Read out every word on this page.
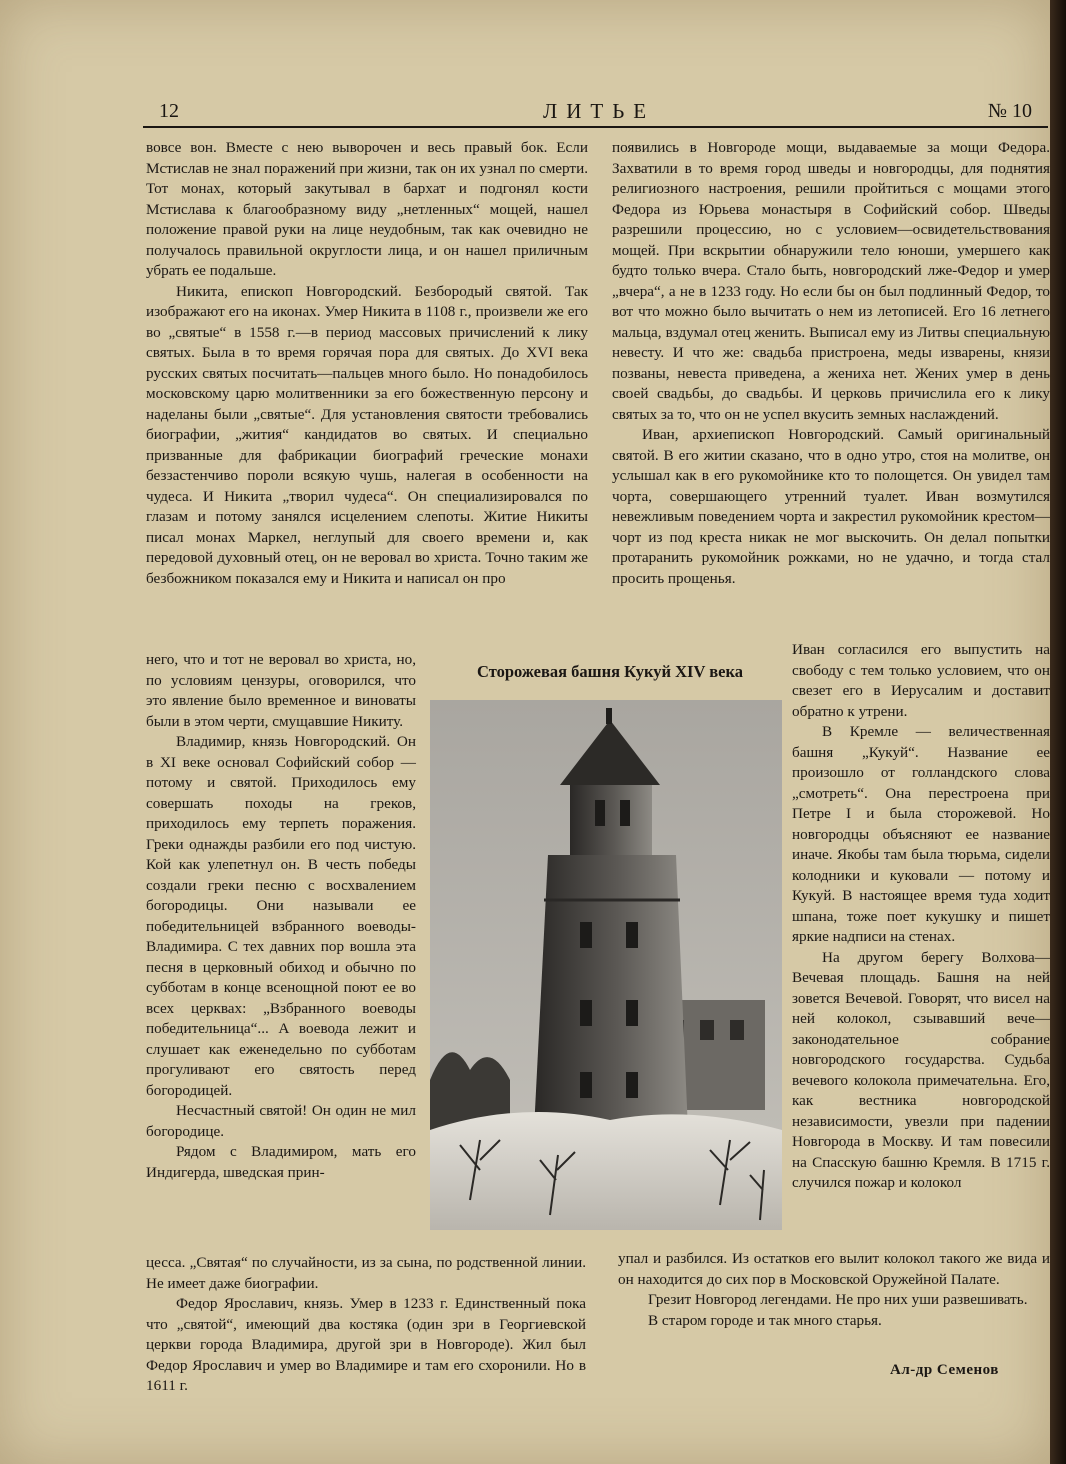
12	ЛИТЬЕ	№ 10

вовсе вон. Вместе с нею выворочен и весь правый бок. Если Мстислав не знал поражений при жизни, так он их узнал по смерти. Тот монах, который закутывал в бархат и подгонял кости Мстислава к благообразному виду „нетленных“ мощей, нашел положение правой руки на лице неудобным, так как очевидно не получалось правильной округлости лица, и он нашел приличным убрать ее подальше.

Никита, епископ Новгородский. Безбородый святой. Так изображают его на иконах. Умер Никита в 1108 г., произвели же его во „святые“ в 1558 г.—в период массовых причислений к лику святых. Была в то время горячая пора для святых. До XVI века русских святых посчитать—пальцев много было. Но понадобилось московскому царю молитвенники за его божественную персону и наделаны были „святые“. Для установления святости требовались биографии, „жития“ кандидатов во святых. И специально призванные для фабрикации биографий греческие монахи беззастенчиво пороли всякую чушь, налегая в особенности на чудеса. И Никита „творил чудеса“. Он специализировался по глазам и потому занялся исцелением слепоты. Житие Никиты писал монах Маркел, неглупый для своего времени и, как передовой духовный отец, он не веровал во христа. Точно таким же безбожником показался ему и Никита и написал он про

него, что и тот не веровал во христа, но, по условиям цензуры, оговорился, что это явление было временное и виноваты были в этом черти, смущавшие Никиту.

Владимир, князь Новгородский. Он в XI веке основал Софийский собор — потому и святой. Приходилось ему совершать походы на греков, приходилось ему терпеть поражения. Греки однажды разбили его под чистую. Кой как улепетнул он. В честь победы создали греки песню с восхвалением богородицы. Они называли ее победительницей взбранного воеводы-Владимира. С тех давних пор вошла эта песня в церковный обиход и обычно по субботам в конце всенощной поют ее во всех церквах: „Взбранного воеводы победительница“... А воевода лежит и слушает как еженедельно по субботам прогуливают его святость перед богородицей.

Несчастный святой! Он один не мил богородице.

Рядом с Владимиром, мать его Индигерда, шведская прин-

цесса. „Святая“ по случайности, из за сына, по родственной линии. Не имеет даже биографии.

Федор Ярославич, князь. Умер в 1233 г. Единственный пока что „святой“, имеющий два костяка (один зри в Георгиевской церкви города Владимира, другой зри в Новгороде). Жил был Федор Ярославич и умер во Владимире и там его схоронили. Но в 1611 г.

появились в Новгороде мощи, выдаваемые за мощи Федора. Захватили в то время город шведы и новгородцы, для поднятия религиозного настроения, решили пройтиться с мощами этого Федора из Юрьева монастыря в Софийский собор. Шведы разрешили процессию, но с условием—освидетельствования мощей. При вскрытии обнаружили тело юноши, умершего как будто только вчера. Стало быть, новгородский лже-Федор и умер „вчера“, а не в 1233 году. Но если бы он был подлинный Федор, то вот что можно было вычитать о нем из летописей. Его 16 летнего мальца, вздумал отец женить. Выписал ему из Литвы специальную невесту. И что же: свадьба пристроена, меды изварены, князи позваны, невеста приведена, а жениха нет. Жених умер в день своей свадьбы, до свадьбы. И церковь причислила его к лику святых за то, что он не успел вкусить земных наслаждений.

Иван, архиепископ Новгородский. Самый оригинальный святой. В его житии сказано, что в одно утро, стоя на молитве, он услышал как в его рукомойнике кто то полощется. Он увидел там чорта, совершающего утренний туалет. Иван возмутился невежливым поведением чорта и закрестил рукомойник крестом—чорт из под креста никак не мог выскочить. Он делал попытки протаранить рукомойник рожками, но не удачно, и тогда стал просить прощенья.

Иван согласился его выпустить на свободу с тем только условием, что он свезет его в Иерусалим и доставит обратно к утрени.

В Кремле — величественная башня „Кукуй“. Название ее произошло от голландского слова „смотреть“. Она перестроена при Петре I и была сторожевой. Но новгородцы объясняют ее название иначе. Якобы там была тюрьма, сидели колодники и куковали — потому и Кукуй. В настоящее время туда ходит шпана, тоже поет кукушку и пишет яркие надписи на стенах.

На другом берегу Волхова—Вечевая площадь. Башня на ней зовется Вечевой. Говорят, что висел на ней колокол, сзывавший вече—законодательное собрание новгородского государства. Судьба вечевого колокола примечательна. Его, как вестника новгородской независимости, увезли при падении Новгорода в Москву. И там повесили на Спасскую башню Кремля. В 1715 г. случился пожар и колокол

упал и разбился. Из остатков его вылит колокол такого же вида и он находится до сих пор в Московской Оружейной Палате.

Грезит Новгород легендами. Не про них уши развешивать.

В старом городе и так много старья.

Сторожевая башня Кукуй XIV века
Ал-др Семенов
